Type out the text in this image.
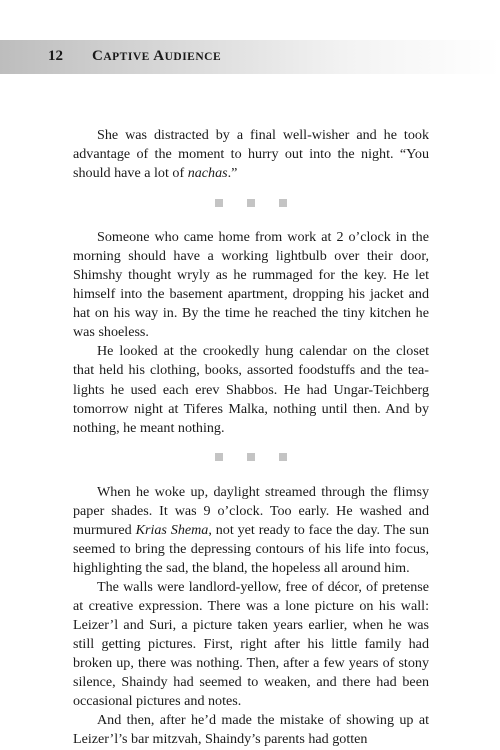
12 CAPTIVE AUDIENCE

She was distracted by a final well-wisher and he took advantage of the moment to hurry out into the night. “You should have a lot of nachas.”

Someone who came home from work at 2 o’clock in the morning should have a working lightbulb over their door, Shimshy thought wryly as he rummaged for the key. He let himself into the basement apartment, dropping his jacket and hat on his way in. By the time he reached the tiny kitchen he was shoeless.

He looked at the crookedly hung calendar on the closet that held his clothing, books, assorted foodstuffs and the tea-lights he used each erev Shabbos. He had Ungar-Teichberg tomorrow night at Tiferes Malka, nothing until then. And by nothing, he meant nothing.

When he woke up, daylight streamed through the flimsy paper shades. It was 9 o’clock. Too early. He washed and murmured Krias Shema, not yet ready to face the day. The sun seemed to bring the depressing contours of his life into focus, highlighting the sad, the bland, the hopeless all around him.

The walls were landlord-yellow, free of décor, of pretense at creative expression. There was a lone picture on his wall: Leizer’l and Suri, a picture taken years earlier, when he was still getting pictures. First, right after his little family had broken up, there was nothing. Then, after a few years of stony silence, Shaindy had seemed to weaken, and there had been occasional pictures and notes.

And then, after he’d made the mistake of showing up at Leizer’l’s bar mitzvah, Shaindy’s parents had gotten
